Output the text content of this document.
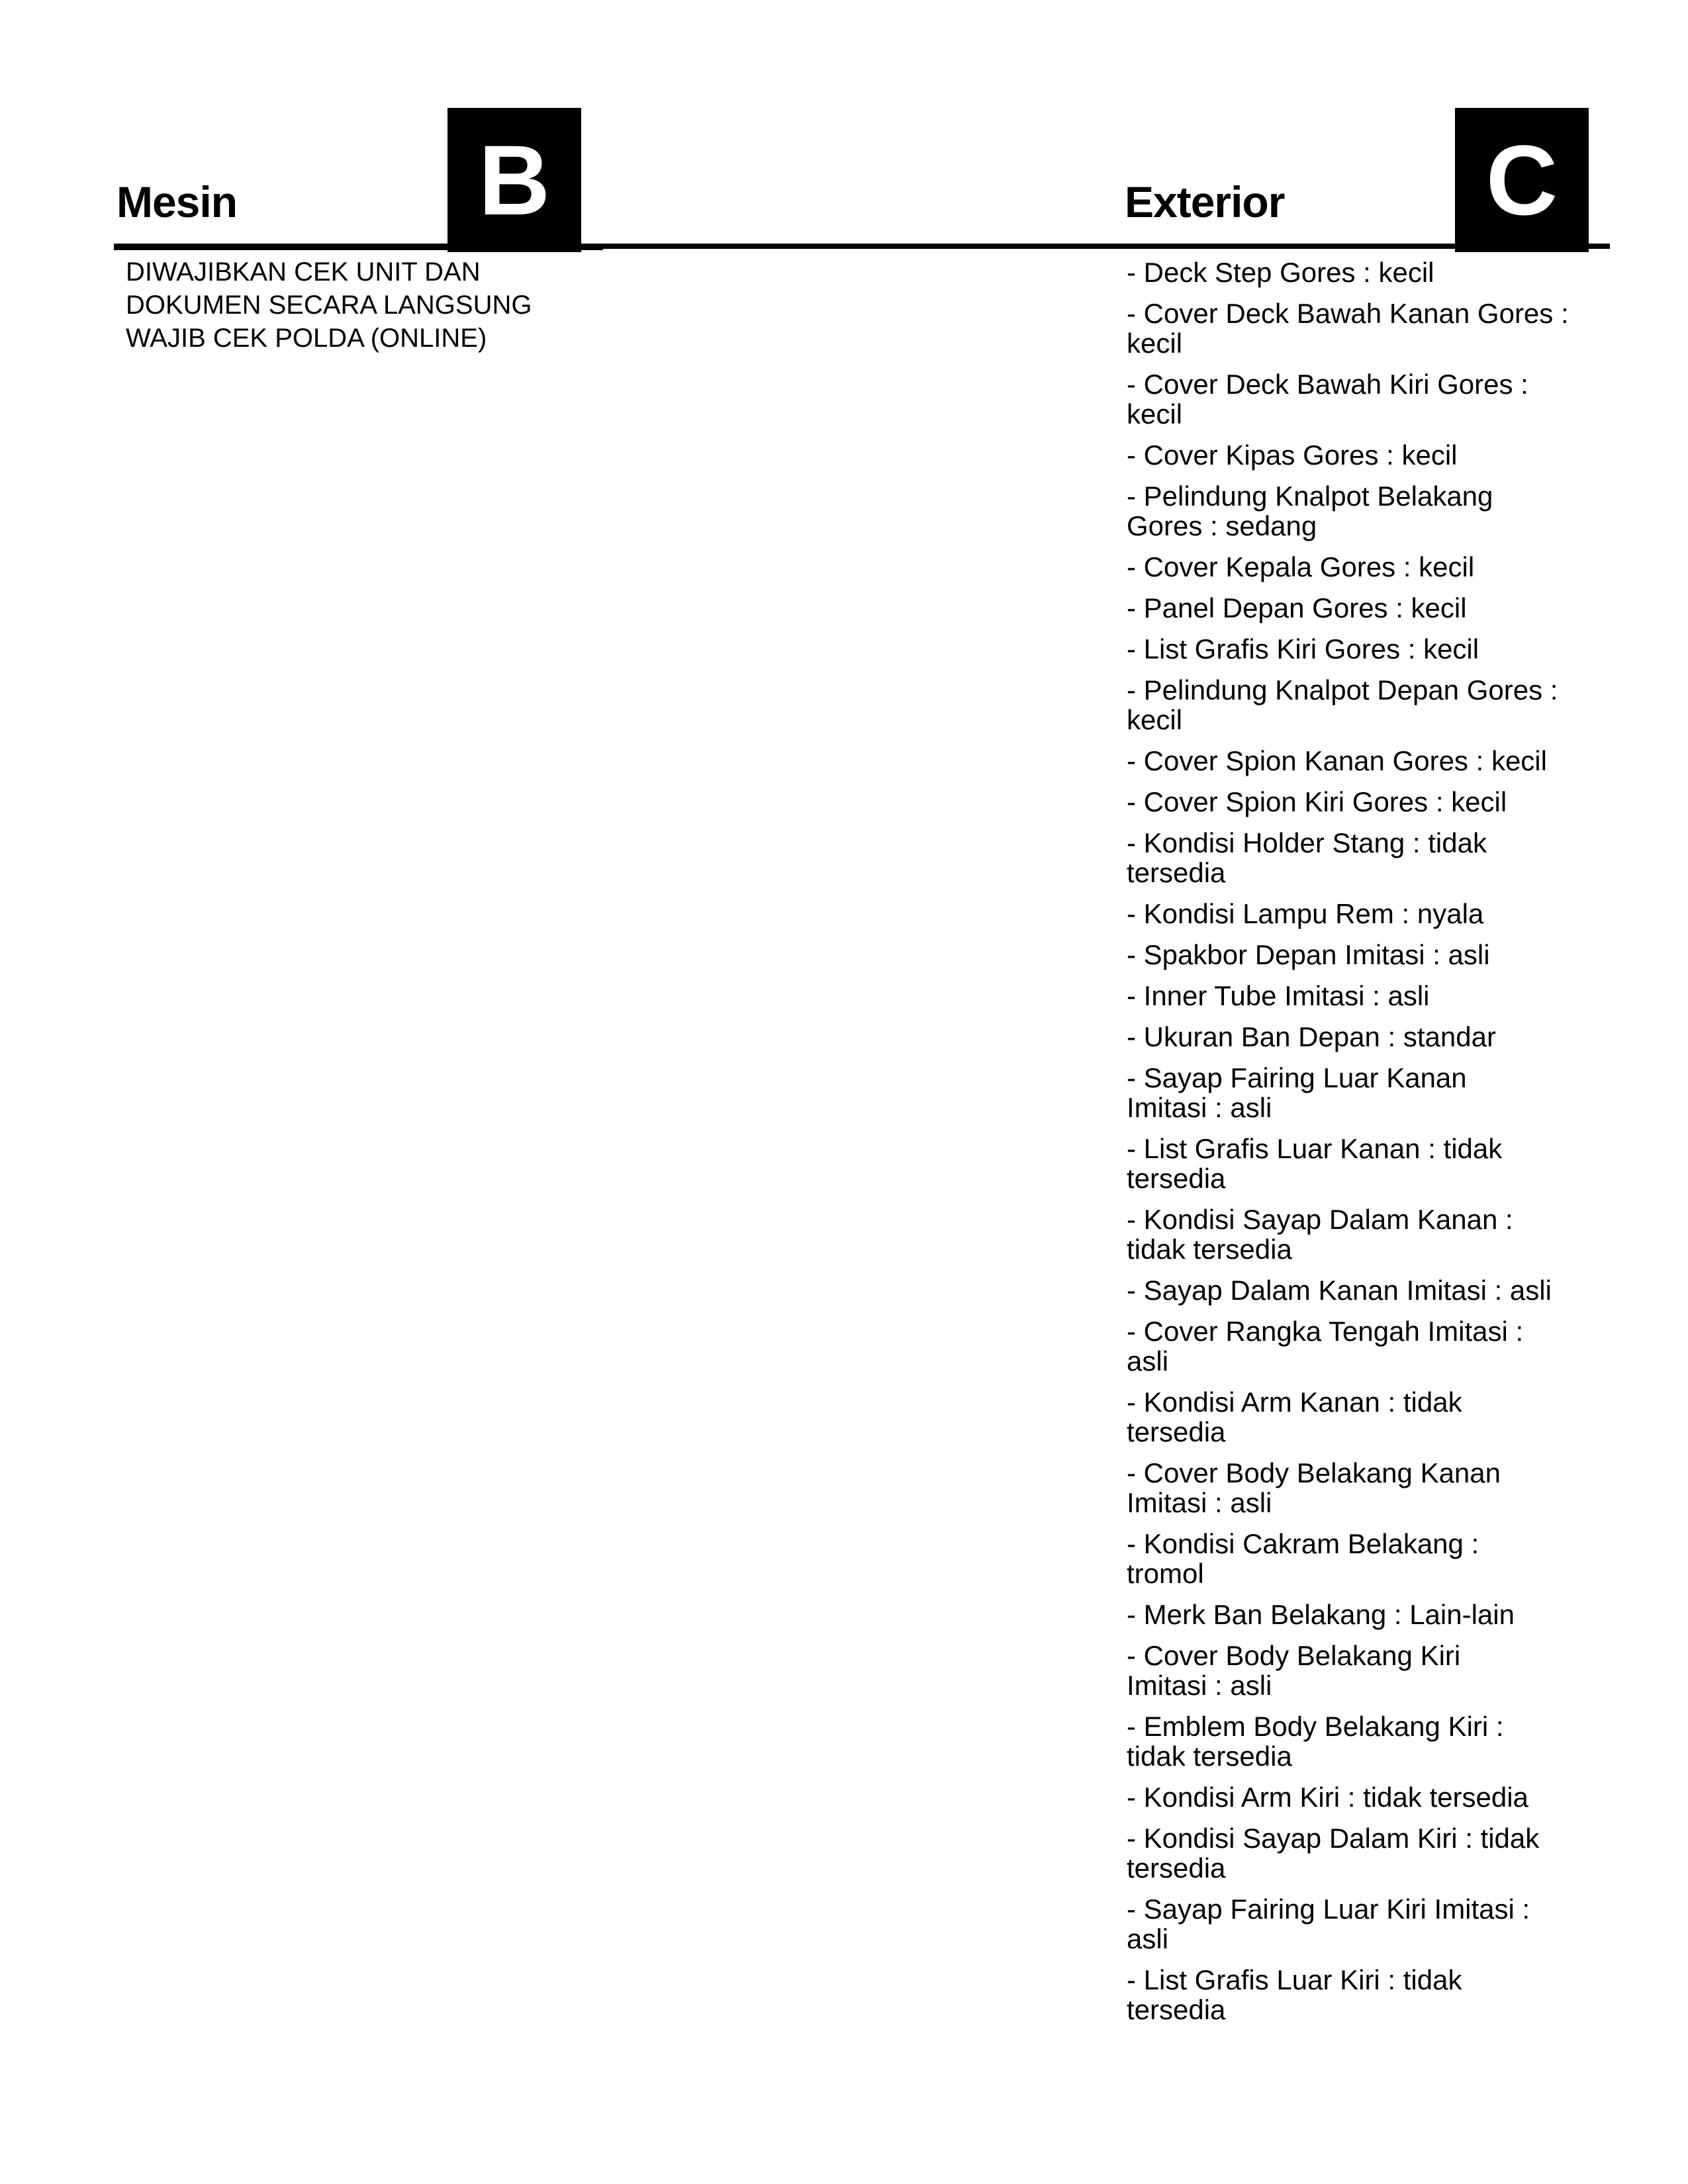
Mesin B	Exterior C
DIWAJIBKAN CEK UNIT DAN
DOKUMEN SECARA LANGSUNG
WAJIB CEK POLDA (ONLINE)
- Deck Step Gores : kecil
- Cover Deck Bawah Kanan Gores :
kecil
- Cover Deck Bawah Kiri Gores :
kecil
- Cover Kipas Gores : kecil
- Pelindung Knalpot Belakang
Gores : sedang
- Cover Kepala Gores : kecil
- Panel Depan Gores : kecil
- List Grafis Kiri Gores : kecil
- Pelindung Knalpot Depan Gores :
kecil
- Cover Spion Kanan Gores : kecil
- Cover Spion Kiri Gores : kecil
- Kondisi Holder Stang : tidak
tersedia
- Kondisi Lampu Rem : nyala
- Spakbor Depan Imitasi : asli
- Inner Tube Imitasi : asli
- Ukuran Ban Depan : standar
- Sayap Fairing Luar Kanan
Imitasi : asli
- List Grafis Luar Kanan : tidak
tersedia
- Kondisi Sayap Dalam Kanan :
tidak tersedia
- Sayap Dalam Kanan Imitasi : asli
- Cover Rangka Tengah Imitasi :
asli
- Kondisi Arm Kanan : tidak
tersedia
- Cover Body Belakang Kanan
Imitasi : asli
- Kondisi Cakram Belakang :
tromol
- Merk Ban Belakang : Lain-lain
- Cover Body Belakang Kiri
Imitasi : asli
- Emblem Body Belakang Kiri :
tidak tersedia
- Kondisi Arm Kiri : tidak tersedia
- Kondisi Sayap Dalam Kiri : tidak
tersedia
- Sayap Fairing Luar Kiri Imitasi :
asli
- List Grafis Luar Kiri : tidak
tersedia
